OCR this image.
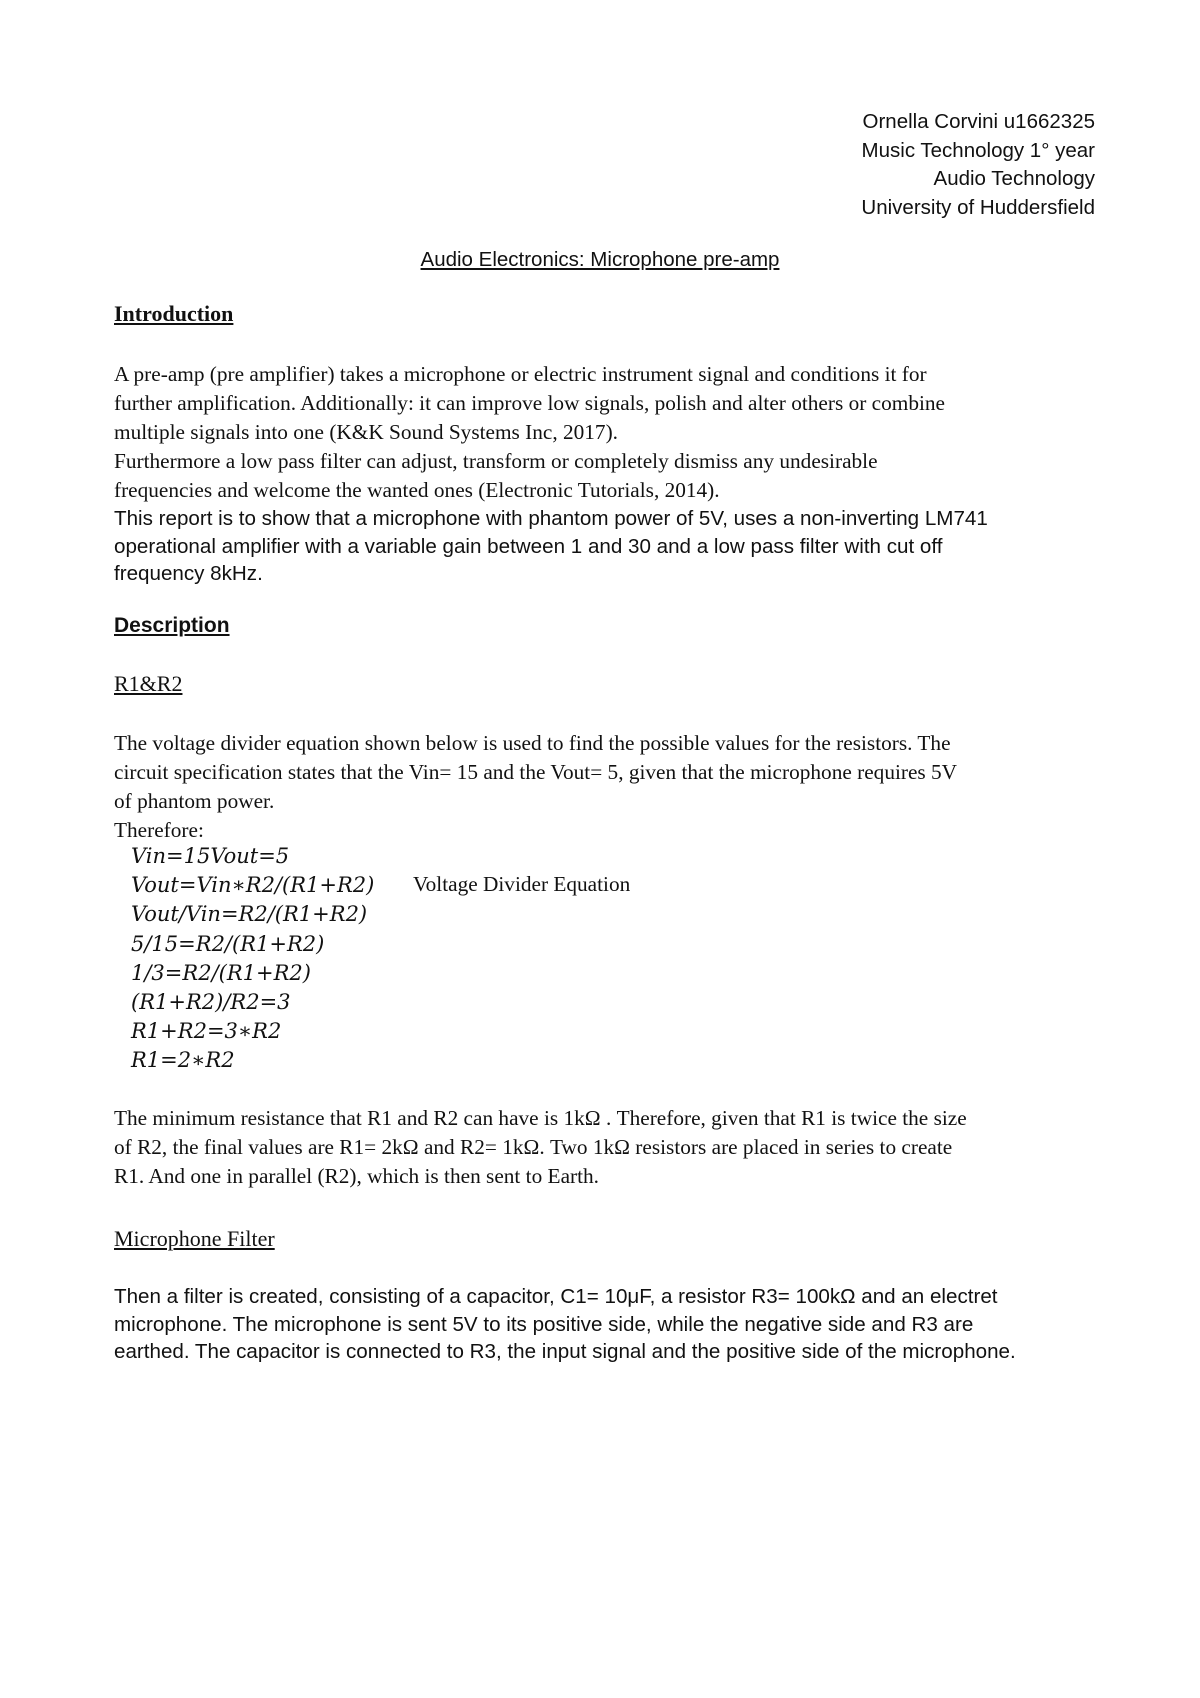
Ornella Corvini u1662325
Music Technology 1° year
Audio Technology
University of Huddersfield
Audio Electronics: Microphone pre-amp
Introduction
A pre-amp (pre amplifier) takes a microphone or electric instrument signal and conditions it for
further amplification. Additionally: it can improve low signals, polish and alter others or combine
multiple signals into one (K&K Sound Systems Inc, 2017).
Furthermore a low pass filter can adjust, transform or completely dismiss any undesirable
frequencies and welcome the wanted ones (Electronic Tutorials, 2014).
This report is to show that a microphone with phantom power of 5V, uses a non-inverting LM741
operational amplifier with a variable gain between 1 and 30 and a low pass filter with cut off
frequency 8kHz.
Description
R1&R2
The voltage divider equation shown below is used to find the possible values for the resistors. The
circuit specification states that the Vin= 15 and the Vout= 5, given that the microphone requires 5V
of phantom power.
Therefore:
Vin=15Vout=5
Vout=Vin∗R2/(R1+R2)
Vout/Vin=R2/(R1+R2)
5/15=R2/(R1+R2)
1/3=R2/(R1+R2)
(R1+R2)/R2=3
R1+R2=3∗R2
R1=2∗R2
Voltage Divider Equation
The minimum resistance that R1 and R2 can have is 1kΩ . Therefore, given that R1 is twice the size
of R2, the final values are R1= 2kΩ and R2= 1kΩ. Two 1kΩ resistors are placed in series to create
R1. And one in parallel (R2), which is then sent to Earth.
Microphone Filter
Then a filter is created, consisting of a capacitor, C1= 10μF, a resistor R3= 100kΩ and an electret
microphone. The microphone is sent 5V to its positive side, while the negative side and R3 are
earthed. The capacitor is connected to R3, the input signal and the positive side of the microphone.
